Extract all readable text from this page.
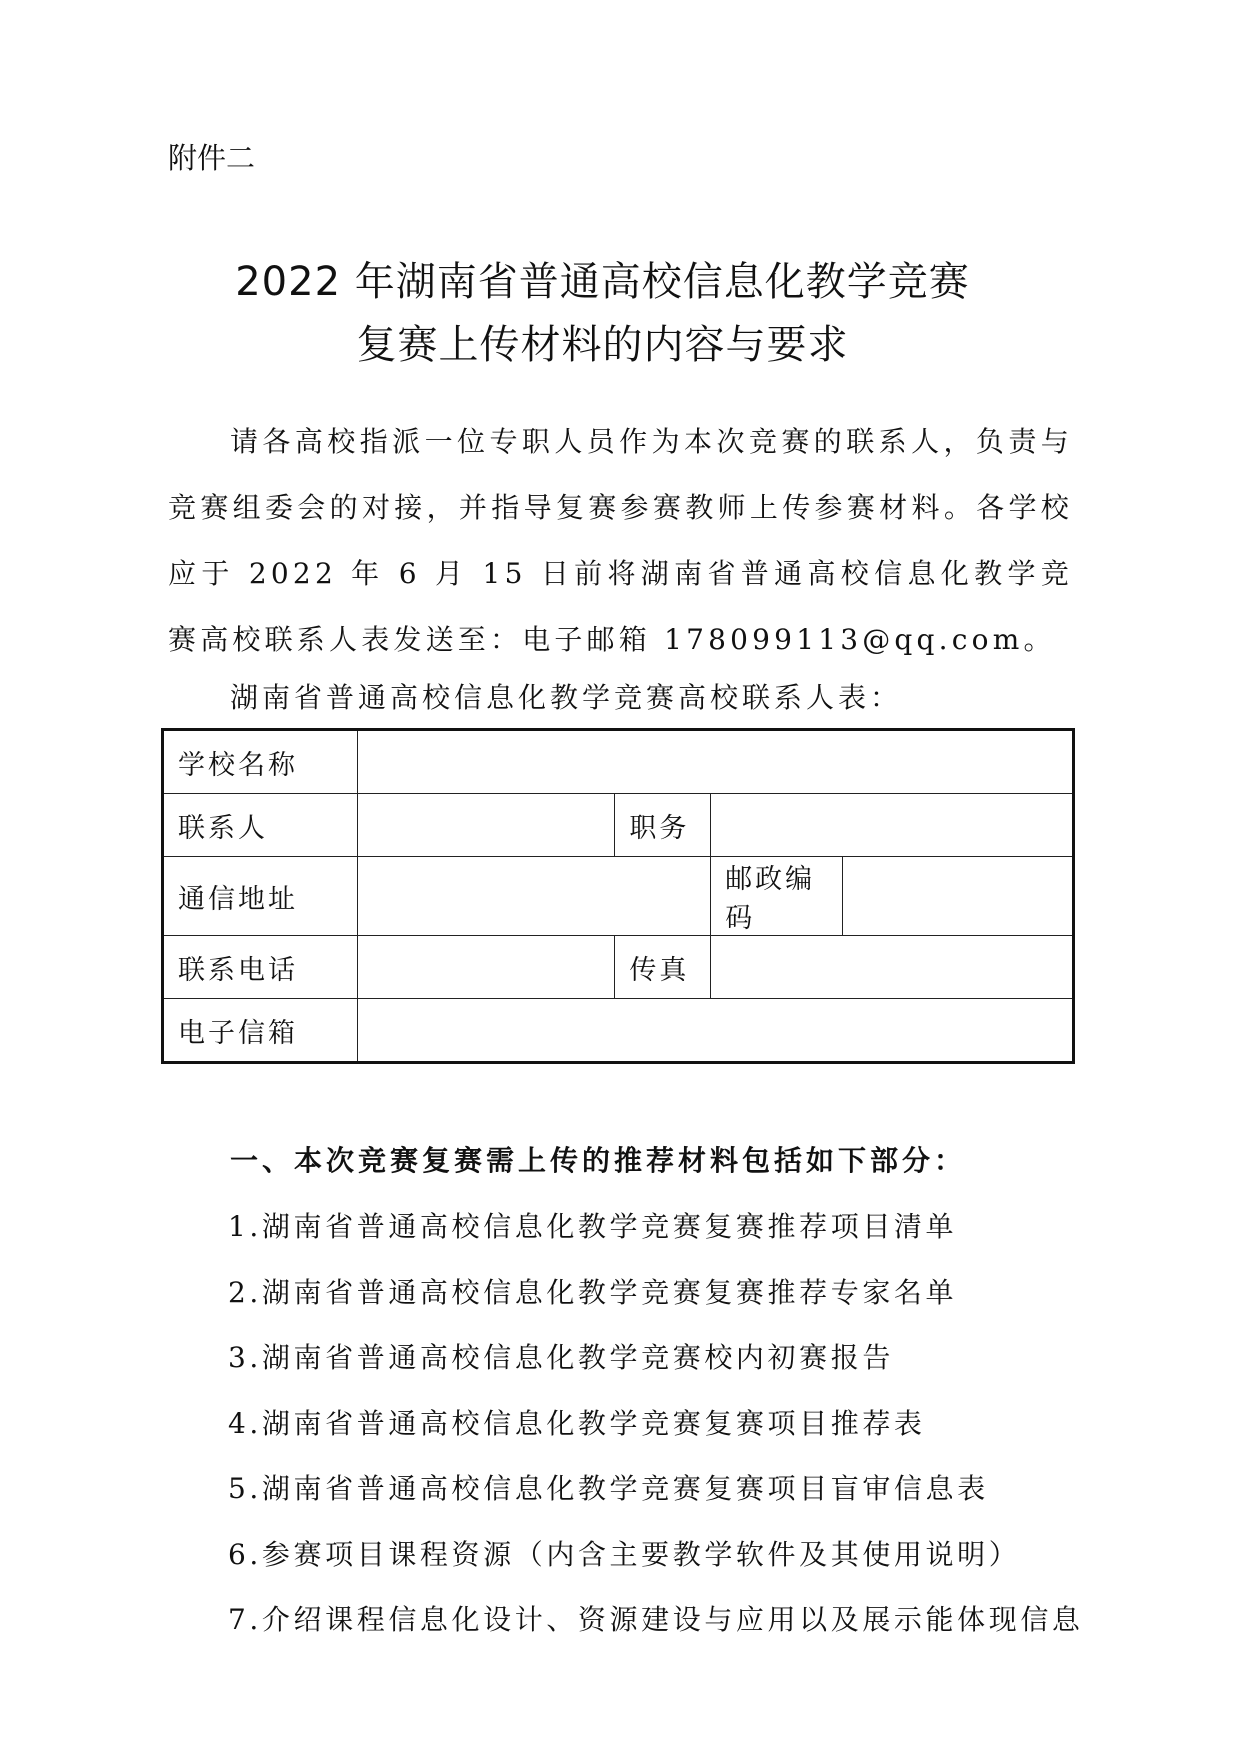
附件二
2022 年湖南省普通高校信息化教学竞赛
复赛上传材料的内容与要求
请各高校指派一位专职人员作为本次竞赛的联系人，负责与竞赛组委会的对接，并指导复赛参赛教师上传参赛材料。各学校应于 2022 年 6 月 15 日前将湖南省普通高校信息化教学竞赛高校联系人表发送至：电子邮箱 178099113@qq.com。
湖南省普通高校信息化教学竞赛高校联系人表：
学校名称				
联系人		职务		
通信地址			邮政编码	
联系电话		传真		
电子信箱				
一、本次竞赛复赛需上传的推荐材料包括如下部分：
1.湖南省普通高校信息化教学竞赛复赛推荐项目清单
2.湖南省普通高校信息化教学竞赛复赛推荐专家名单
3.湖南省普通高校信息化教学竞赛校内初赛报告
4.湖南省普通高校信息化教学竞赛复赛项目推荐表
5.湖南省普通高校信息化教学竞赛复赛项目盲审信息表
6.参赛项目课程资源（内含主要教学软件及其使用说明）
7.介绍课程信息化设计、资源建设与应用以及展示能体现信息
